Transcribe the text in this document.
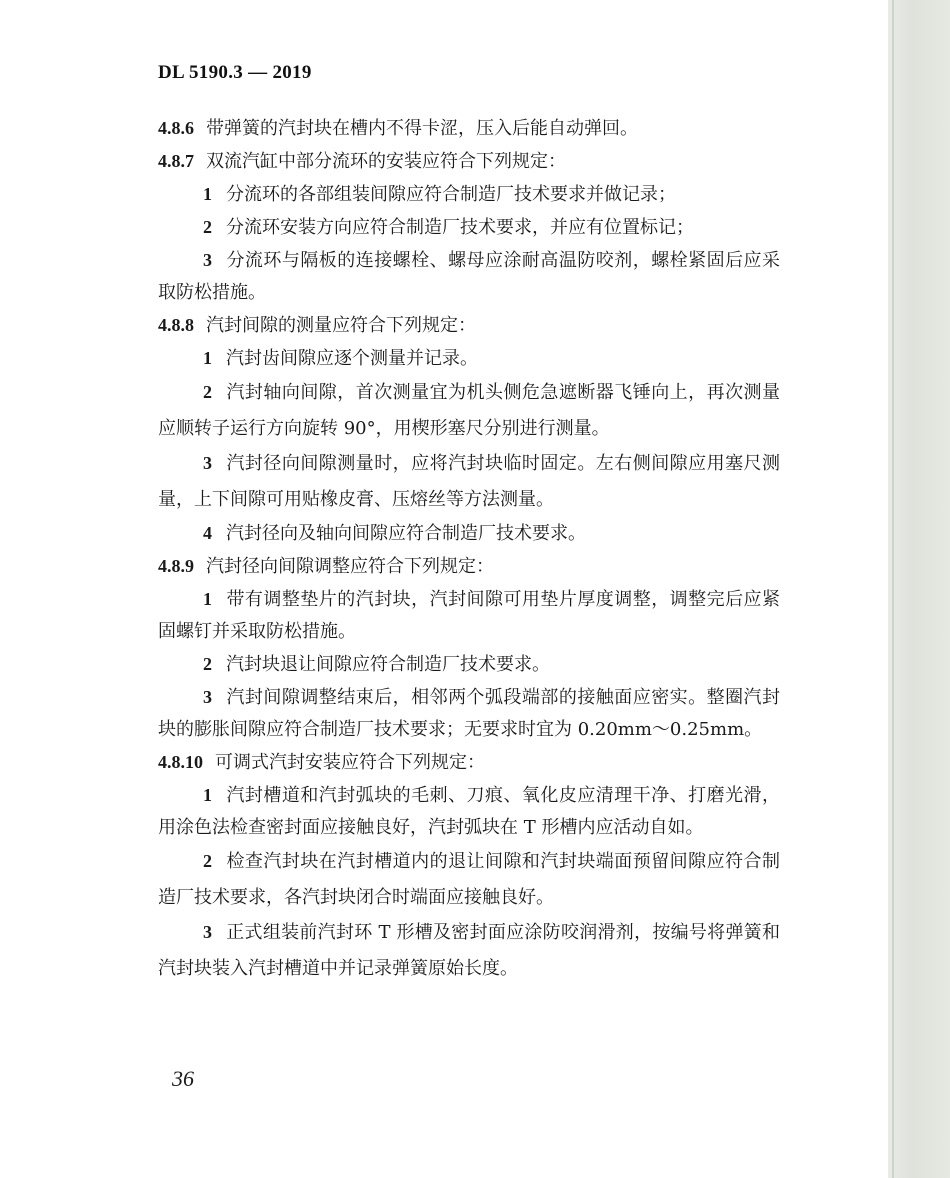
DL 5190.3 — 2019

4.8.6 带弹簧的汽封块在槽内不得卡涩，压入后能自动弹回。

4.8.7 双流汽缸中部分流环的安装应符合下列规定：

1 分流环的各部组装间隙应符合制造厂技术要求并做记录；

2 分流环安装方向应符合制造厂技术要求，并应有位置标记；

3 分流环与隔板的连接螺栓、螺母应涂耐高温防咬剂，螺栓紧固后应采取防松措施。

4.8.8 汽封间隙的测量应符合下列规定：

1 汽封齿间隙应逐个测量并记录。

2 汽封轴向间隙，首次测量宜为机头侧危急遮断器飞锤向上，再次测量应顺转子运行方向旋转 90°，用楔形塞尺分别进行测量。

3 汽封径向间隙测量时，应将汽封块临时固定。左右侧间隙应用塞尺测量，上下间隙可用贴橡皮膏、压熔丝等方法测量。

4 汽封径向及轴向间隙应符合制造厂技术要求。

4.8.9 汽封径向间隙调整应符合下列规定：

1 带有调整垫片的汽封块，汽封间隙可用垫片厚度调整，调整完后应紧固螺钉并采取防松措施。

2 汽封块退让间隙应符合制造厂技术要求。

3 汽封间隙调整结束后，相邻两个弧段端部的接触面应密实。整圈汽封块的膨胀间隙应符合制造厂技术要求；无要求时宜为 0.20mm～0.25mm。

4.8.10 可调式汽封安装应符合下列规定：

1 汽封槽道和汽封弧块的毛刺、刀痕、氧化皮应清理干净、打磨光滑，用涂色法检查密封面应接触良好，汽封弧块在 T 形槽内应活动自如。

2 检查汽封块在汽封槽道内的退让间隙和汽封块端面预留间隙应符合制造厂技术要求，各汽封块闭合时端面应接触良好。

3 正式组装前汽封环 T 形槽及密封面应涂防咬润滑剂，按编号将弹簧和汽封块装入汽封槽道中并记录弹簧原始长度。

36
